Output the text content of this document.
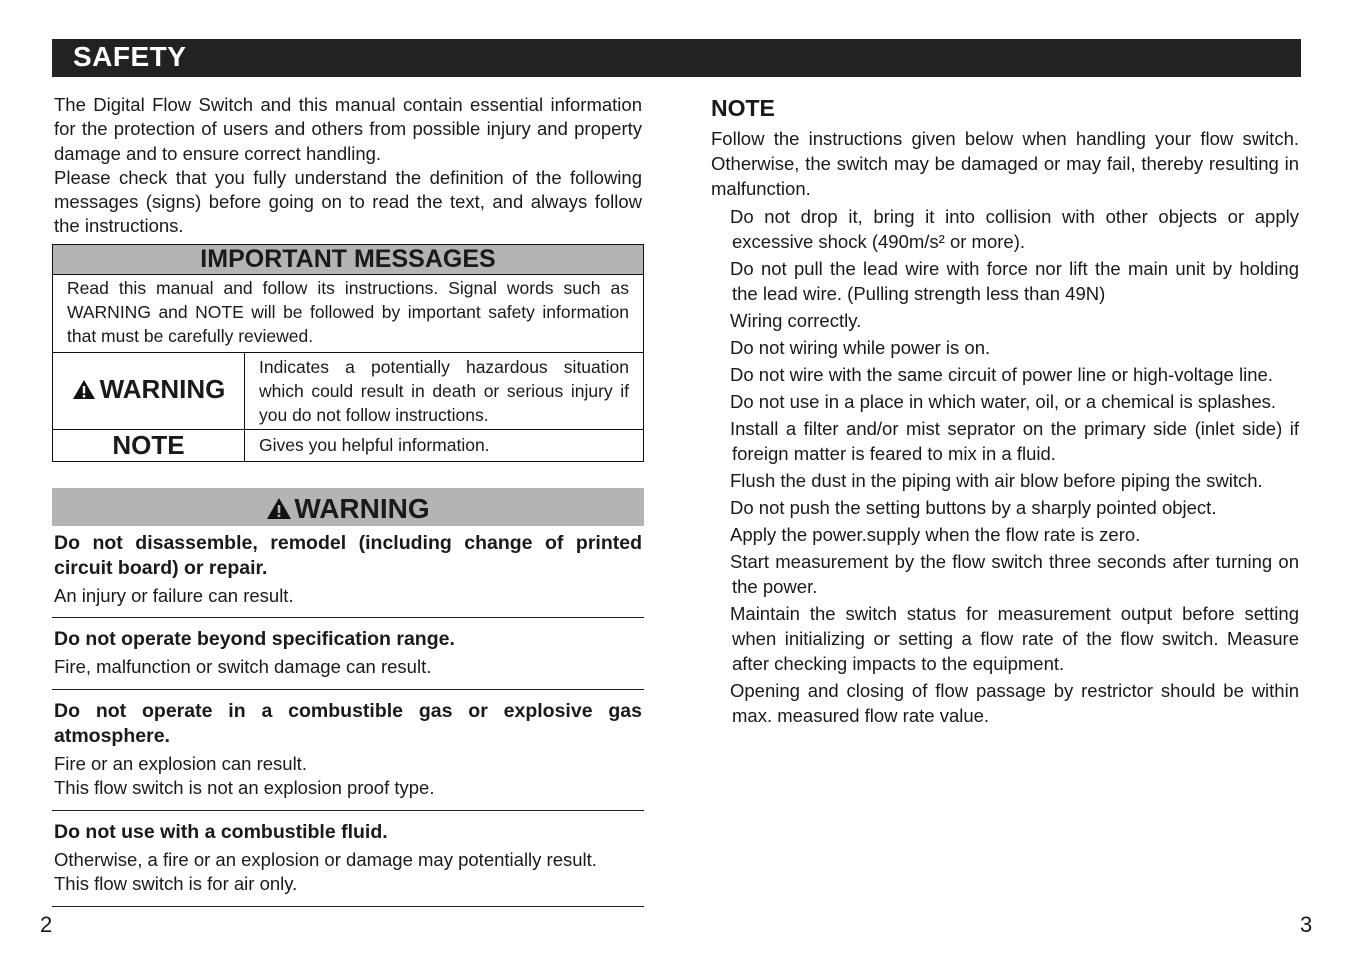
SAFETY

The Digital Flow Switch and this manual contain essential information for the protection of users and others from possible injury and property damage and to ensure correct handling.

Please check that you fully understand the definition of the following messages (signs) before going on to read the text, and always follow the instructions.

IMPORTANT MESSAGES	
Read this manual and follow its instructions. Signal words such as WARNING and NOTE will be followed by important safety information that must be carefully reviewed.	
WARNING	Indicates a potentially hazardous situation which could result in death or serious injury if you do not follow instructions.
NOTE	Gives you helpful information.
WARNING
Do not disassemble, remodel (including change of printed circuit board) or repair.
An injury or failure can result.
Do not operate beyond specification range.
Fire, malfunction or switch damage can result.
Do not operate in a combustible gas or explosive gas atmosphere.
Fire or an explosion can result.
This flow switch is not an explosion proof type.
Do not use with a combustible fluid.
Otherwise, a fire or an explosion or damage may potentially result.
This flow switch is for air only.
NOTE

Follow the instructions given below when handling your flow switch. Otherwise, the switch may be damaged or may fail, thereby resulting in malfunction.

Do not drop it, bring it into collision with other objects or apply excessive shock (490m/s² or more).
Do not pull the lead wire with force nor lift the main unit by holding the lead wire. (Pulling strength less than 49N)
Wiring correctly.
Do not wiring while power is on.
Do not wire with the same circuit of power line or high-voltage line.
Do not use in a place in which water, oil, or a chemical is splashes.
Install a filter and/or mist seprator on the primary side (inlet side) if foreign matter is feared to mix in a fluid.
Flush the dust in the piping with air blow before piping the switch.
Do not push the setting buttons by a sharply pointed object.
Apply the power.supply when the flow rate is zero.
Start measurement by the flow switch three seconds after turning on the power.
Maintain the switch status for measurement output before setting when initializing or setting a flow rate of the flow switch. Measure after checking impacts to the equipment.
Opening and closing of flow passage by restrictor should be within max. measured flow rate value.
2	3
